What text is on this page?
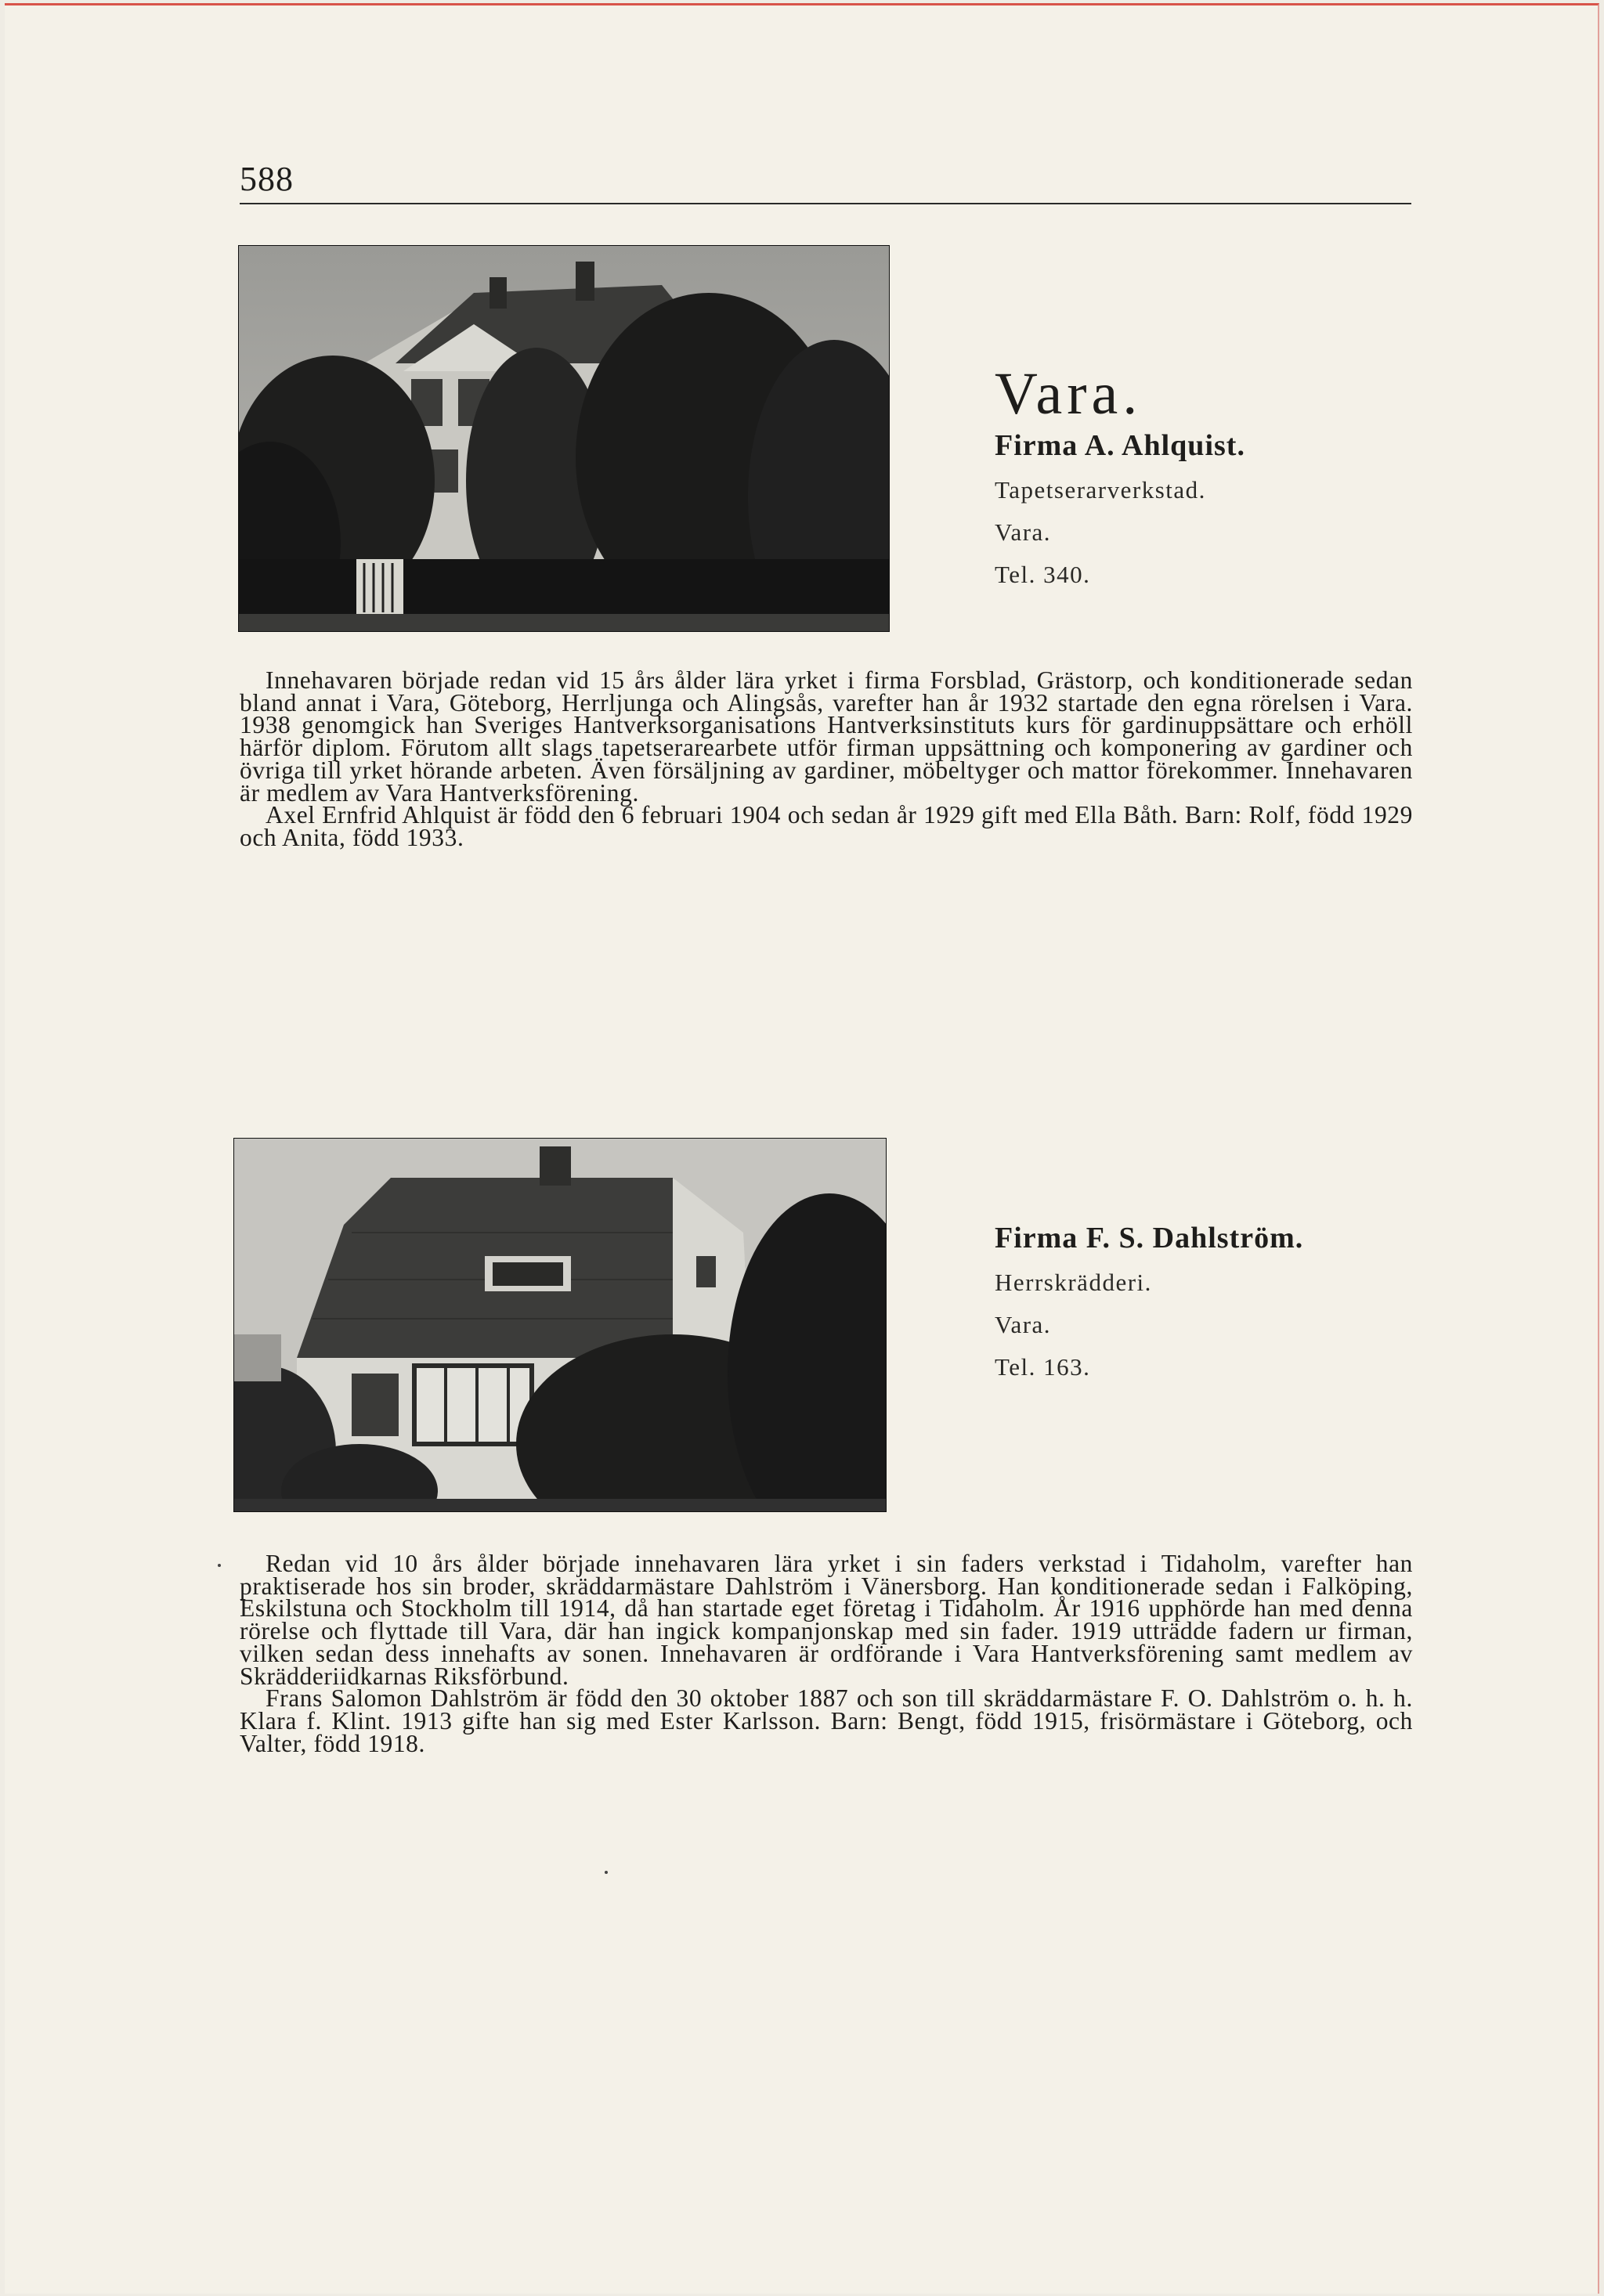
588
Vara.
Firma A. Ahlquist.
Tapetserarverkstad.
Vara.
Tel. 340.

Innehavaren började redan vid 15 års ålder lära yrket i firma Forsblad, Grästorp, och konditionerade sedan bland annat i Vara, Göteborg, Herrljunga och Alingsås, varefter han år 1932 startade den egna rörelsen i Vara. 1938 genomgick han Sveriges Hantverksorganisations Hantverksinstituts kurs för gardinuppsättare och erhöll härför diplom. Förutom allt slags tapetserarearbete utför firman uppsättning och komponering av gardiner och övriga till yrket hörande arbeten. Även försäljning av gardiner, möbeltyger och mattor förekommer. Innehavaren är medlem av Vara Hantverksförening.

Axel Ernfrid Ahlquist är född den 6 februari 1904 och sedan år 1929 gift med Ella Båth. Barn: Rolf, född 1929 och Anita, född 1933.

Firma F. S. Dahlström.
Herrskrädderi.
Vara.
Tel. 163.

Redan vid 10 års ålder började innehavaren lära yrket i sin faders verkstad i Tidaholm, varefter han praktiserade hos sin broder, skräddarmästare Dahlström i Vänersborg. Han konditionerade sedan i Falköping, Eskilstuna och Stockholm till 1914, då han startade eget företag i Tidaholm. År 1916 upphörde han med denna rörelse och flyttade till Vara, där han ingick kompanjonskap med sin fader. 1919 utträdde fadern ur firman, vilken sedan dess innehafts av sonen. Innehavaren är ordförande i Vara Hantverksförening samt medlem av Skrädderiidkarnas Riksförbund.

Frans Salomon Dahlström är född den 30 oktober 1887 och son till skräddarmästare F. O. Dahlström o. h. h. Klara f. Klint. 1913 gifte han sig med Ester Karlsson. Barn: Bengt, född 1915, frisörmästare i Göteborg, och Valter, född 1918.
